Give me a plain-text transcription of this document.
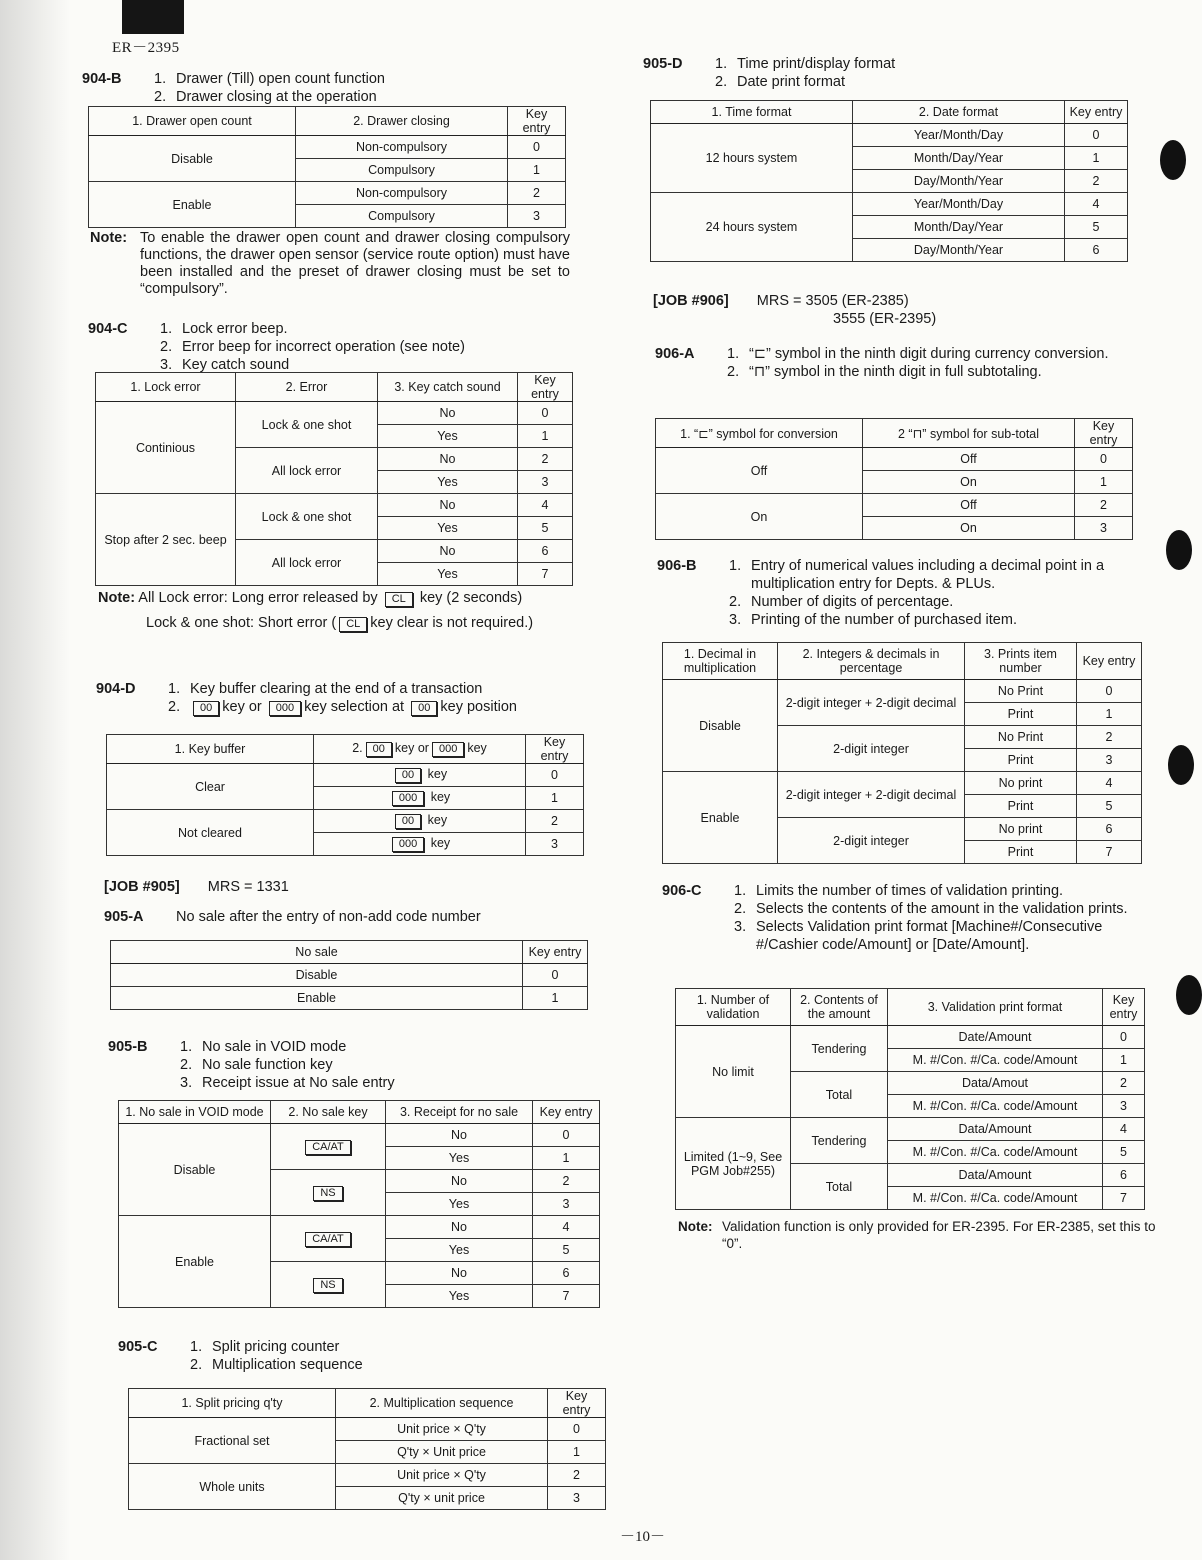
ER－2395
904-B	1. Drawer (Till) open count function
2. Drawer closing at the operation
1. Drawer open count	2. Drawer closing	Key entry
Disable	Non-compulsory	0
	Compulsory	1
Enable	Non-compulsory	2
	Compulsory	3
Note: To enable the drawer open count and drawer closing compulsory functions, the drawer open sensor (service route option) must have been installed and the preset of drawer closing must be set to “compulsory”.
904-C	1. Lock error beep.
2. Error beep for incorrect operation (see note)
3. Key catch sound
1. Lock error	2. Error	3. Key catch sound	Key entry
Continious	Lock & one shot	No	0
		Yes	1
	All lock error	No	2
		Yes	3
Stop after 2 sec. beep	Lock & one shot	No	4
		Yes	5
	All lock error	No	6
		Yes	7
Note: All Lock error: Long error released by CL key (2 seconds)
Lock & one shot: Short error ( CL key clear is not required.)
904-D	1. Key buffer clearing at the end of a transaction
2.	00 key or 000 key selection at 00 key position
1. Key buffer	2. 00 key or 000 key	Key entry
Clear	00 key	0
	000 key	1
Not cleared	00 key	2
	000 key	3
[JOB #905] MRS = 1331
905-A	No sale after the entry of non-add code number
No sale	Key entry
Disable	0
Enable	1
905-B	1. No sale in VOID mode
2. No sale function key
3. Receipt issue at No sale entry
1. No sale in VOID mode	2. No sale key	3. Receipt for no sale	Key entry
Disable	CA/AT	No	0
		Yes	1
	NS	No	2
		Yes	3
Enable	CA/AT	No	4
		Yes	5
	NS	No	6
		Yes	7
905-C	1. Split pricing counter
2. Multiplication sequence
1. Split pricing q'ty	2. Multiplication sequence	Key entry
Fractional set	Unit price × Q'ty	0
	Q'ty × Unit price	1
Whole units	Unit price × Q'ty	2
	Q'ty × unit price	3
905-D	1. Time print/display format
2. Date print format
1. Time format	2. Date format	Key entry
12 hours system	Year/Month/Day	0
	Month/Day/Year	1
	Day/Month/Year	2
24 hours system	Year/Month/Day	4
	Month/Day/Year	5
	Day/Month/Year	6
[JOB #906] MRS = 3505 (ER-2385)
3555 (ER-2395)
906-A	1. “⊏” symbol in the ninth digit during currency conversion.
2. “⊓” symbol in the ninth digit in full subtotaling.
1. “⊏” symbol for conversion	2 “⊓” symbol for sub-total	Key entry
Off	Off	0
	On	1
On	Off	2
	On	3
906-B	1. Entry of numerical values including a decimal point in a multiplication entry for Depts. & PLUs.
2. Number of digits of percentage.
3. Printing of the number of purchased item.
1. Decimal in multiplication	2. Integers & decimals in percentage	3. Prints item number	Key entry
Disable	2-digit integer + 2-digit decimal	No Print	0
		Print	1
	2-digit integer	No Print	2
		Print	3
Enable	2-digit integer + 2-digit decimal	No print	4
		Print	5
	2-digit integer	No print	6
		Print	7
906-C	1. Limits the number of times of validation printing.
2. Selects the contents of the amount in the validation prints.
3. Selects Validation print format [Machine#/Consecutive #/Cashier code/Amount] or [Date/Amount].
1. Number of validation	2. Contents of the amount	3. Validation print format	Key entry
No limit	Tendering	Date/Amount	0
		M. #/Con. #/Ca. code/Amount	1
	Total	Data/Amout	2
		M. #/Con. #/Ca. code/Amount	3
Limited (1~9, See PGM Job#255)	Tendering	Data/Amount	4
		M. #/Con. #/Ca. code/Amount	5
	Total	Data/Amount	6
		M. #/Con. #/Ca. code/Amount	7
Note: Validation function is only provided for ER-2395. For ER-2385, set this to “0”.
－10－
